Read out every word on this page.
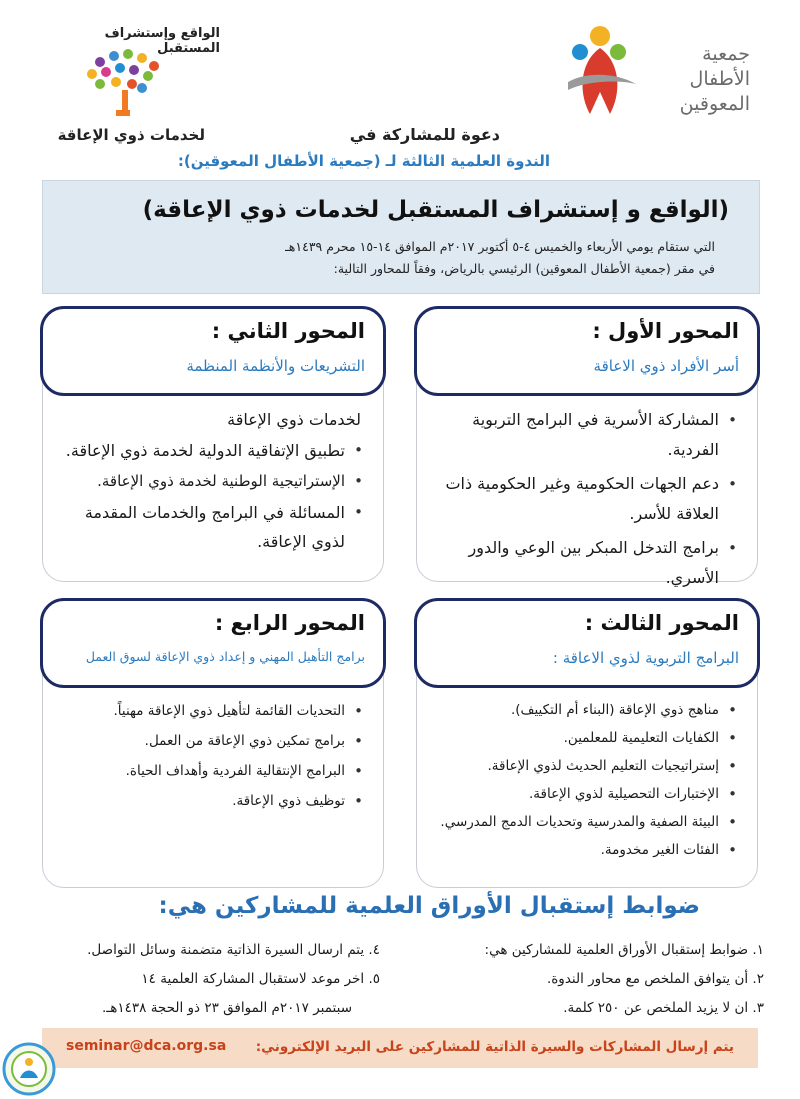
جمعية
الأطفال
المعوقين
الواقع وإستشراف المستقبل
لخدمات ذوي الإعاقة	دعوة للمشاركة في
الندوة العلمية الثالثة لـ (جمعية الأطفال المعوقين):
(الواقع و إستشراف المستقبل لخدمات ذوي الإعاقة)
التي ستقام يومي الأربعاء والخميس ٤-٥ أكتوبر ٢٠١٧م الموافق ١٤-١٥ محرم ١٤٣٩هـ
في مقر (جمعية الأطفال المعوقين) الرئيسي بالرياض، وفقاً للمحاور التالية:
المحور الأول :
أسر الأفراد ذوي الاعاقة
• المشاركة الأسرية في البرامج التربوية الفردية.
• دعم الجهات الحكومية وغير الحكومية ذات العلاقة للأسر.
• برامج التدخل المبكر بين الوعي والدور الأسري.
المحور الثاني :
التشريعات والأنظمة المنظمة
لخدمات ذوي الإعاقة
• تطبيق الإتفاقية الدولية لخدمة ذوي الإعاقة.
• الإستراتيجية الوطنية لخدمة ذوي الإعاقة.
• المسائلة في البرامج والخدمات المقدمة لذوي الإعاقة.
المحور الثالث :
البرامج التربوية لذوي الاعاقة :
• مناهج ذوي الإعاقة (البناء أم التكييف).
• الكفايات التعليمية للمعلمين.
• إستراتيجيات التعليم الحديث لذوي الإعاقة.
• الإختبارات التحصيلية لذوي الإعاقة.
• البيئة الصفية والمدرسية وتحديات الدمج المدرسي.
• الفئات الغير مخدومة.
المحور الرابع :
برامج التأهيل المهني و إعداد ذوي الإعاقة لسوق العمل
• التحديات القائمة لتأهيل ذوي الإعاقة مهنياً.
• برامج تمكين ذوي الإعاقة من العمل.
• البرامج الإنتقالية الفردية وأهداف الحياة.
• توظيف ذوي الإعاقة.
ضوابط إستقبال الأوراق العلمية للمشاركين هي:
١. ضوابط إستقبال الأوراق العلمية للمشاركين هي:
٢. أن يتوافق الملخص مع محاور الندوة.
٣. ان لا يزيد الملخص عن ٢٥٠ كلمة.
٤. يتم ارسال السيرة الذاتية متضمنة وسائل التواصل.
٥. اخر موعد لاستقبال المشاركة العلمية ١٤
سبتمبر ٢٠١٧م الموافق ٢٣ ذو الحجة ١٤٣٨هـ.
يتم إرسال المشاركات والسيرة الذاتية للمشاركين على البريد الإلكتروني:
seminar@dca.org.sa
